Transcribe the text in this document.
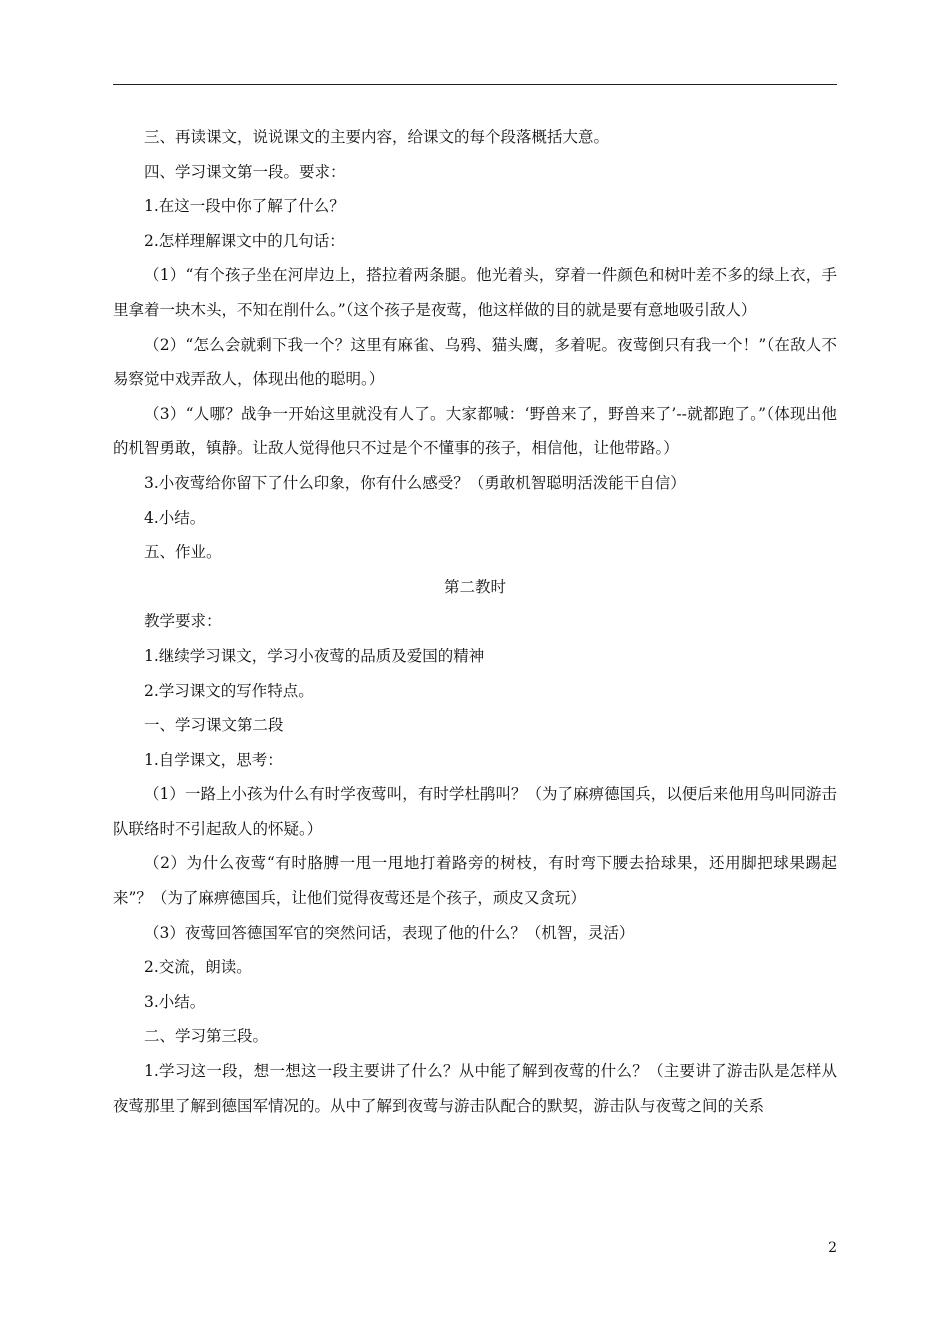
三、再读课文，说说课文的主要内容，给课文的每个段落概括大意。

四、学习课文第一段。要求：

1.在这一段中你了解了什么？

2.怎样理解课文中的几句话：

（1）“有个孩子坐在河岸边上，搭拉着两条腿。他光着头，穿着一件颜色和树叶差不多的绿上衣，手里拿着一块木头，不知在削什么。”（这个孩子是夜莺，他这样做的目的就是要有意地吸引敌人）

（2）“怎么会就剩下我一个？这里有麻雀、乌鸦、猫头鹰，多着呢。夜莺倒只有我一个！”（在敌人不易察觉中戏弄敌人，体现出他的聪明。）

（3）“人哪？战争一开始这里就没有人了。大家都喊：‘野兽来了，野兽来了’--就都跑了。”（体现出他的机智勇敢，镇静。让敌人觉得他只不过是个不懂事的孩子，相信他，让他带路。）

3.小夜莺给你留下了什么印象，你有什么感受？（勇敢机智聪明活泼能干自信）

4.小结。

五、作业。

第二教时

教学要求：

1.继续学习课文，学习小夜莺的品质及爱国的精神

2.学习课文的写作特点。

一、学习课文第二段

1.自学课文，思考：

（1）一路上小孩为什么有时学夜莺叫，有时学杜鹃叫？（为了麻痹德国兵，以便后来他用鸟叫同游击队联络时不引起敌人的怀疑。）

（2）为什么夜莺“有时胳膊一甩一甩地打着路旁的树枝，有时弯下腰去拾球果，还用脚把球果踢起来”？（为了麻痹德国兵，让他们觉得夜莺还是个孩子，顽皮又贪玩）

（3）夜莺回答德国军官的突然问话，表现了他的什么？（机智，灵活）

2.交流，朗读。

3.小结。

二、学习第三段。

1.学习这一段，想一想这一段主要讲了什么？从中能了解到夜莺的什么？（主要讲了游击队是怎样从夜莺那里了解到德国军情况的。从中了解到夜莺与游击队配合的默契，游击队与夜莺之间的关系

2
